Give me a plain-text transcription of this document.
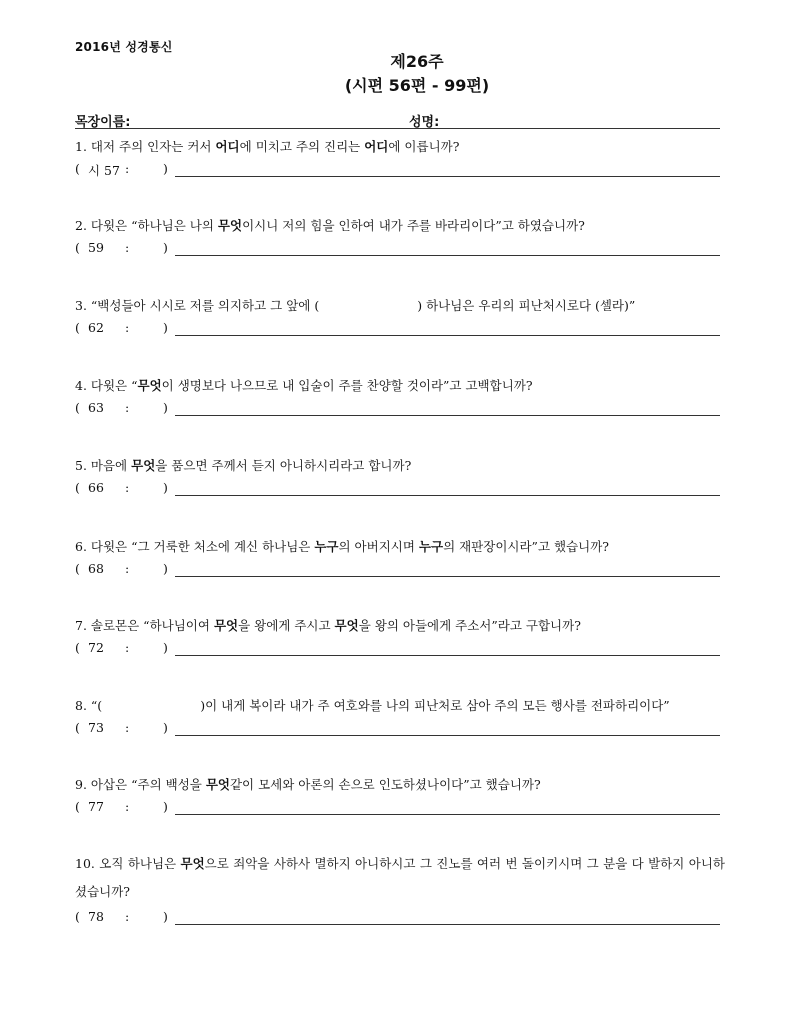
2016년 성경통신
제26주
(시편 56편 - 99편)
목장이름:	성명:
1. 대저 주의 인자는 커서 어디에 미치고 주의 진리는 어디에 이릅니까?
( 시 57 :	)
2. 다윗은 “하나님은 나의 무엇이시니 저의 힘을 인하여 내가 주를 바라리이다”고 하였습니까?
( 59 :	)
3. “백성들아 시시로 저를 의지하고 그 앞에 (	) 하나님은 우리의 피난처시로다 (셀라)”
( 62 :	)
4. 다윗은 “무엇이 생명보다 나으므로 내 입술이 주를 찬양할 것이라”고 고백합니까?
( 63 :	)
5. 마음에 무엇을 품으면 주께서 듣지 아니하시리라고 합니까?
( 66 :	)
6. 다윗은 “그 거룩한 처소에 계신 하나님은 누구의 아버지시며 누구의 재판장이시라”고 했습니까?
( 68 :	)
7. 솔로몬은 “하나님이여 무엇을 왕에게 주시고 무엇을 왕의 아들에게 주소서”라고 구합니까?
( 72 :	)
8. “(	)이 내게 복이라 내가 주 여호와를 나의 피난처로 삼아 주의 모든 행사를 전파하리이다”
( 73 :	)
9. 아삽은 “주의 백성을 무엇같이 모세와 아론의 손으로 인도하셨나이다”고 했습니까?
( 77 :	)
10. 오직 하나님은 무엇으로 죄악을 사하사 멸하지 아니하시고 그 진노를 여러 번 돌이키시며 그 분을 다 발하지 아니하셨습니까?
( 78 :	)
